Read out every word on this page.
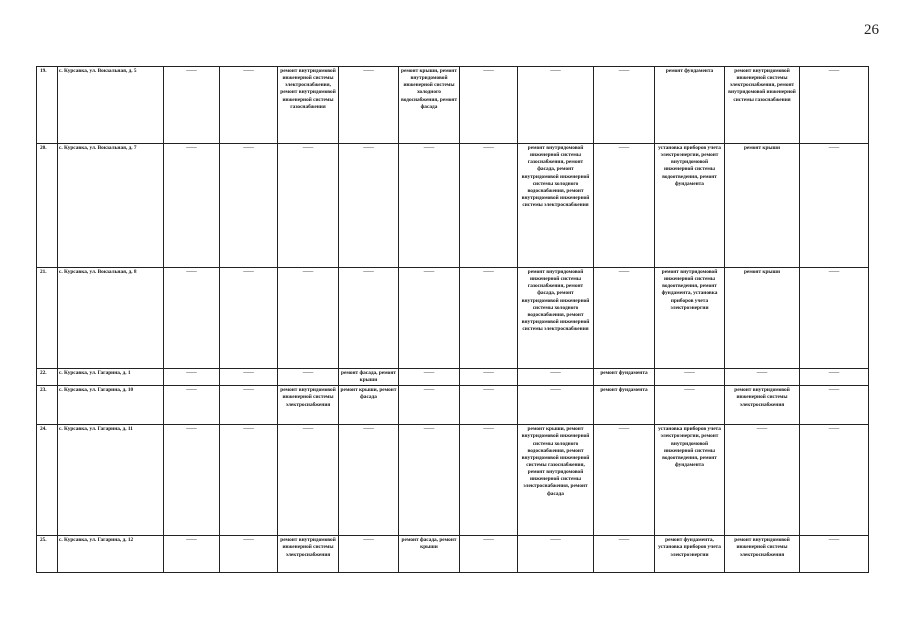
26
19.	с. Курсавка, ул. Вокзальная, д. 5	——	——	ремонт внутридомовой инженерной системы электроснабжения, ремонт внутридомовой инженерной системы газоснабжения	——	ремонт крыши, ремонт внутридомовой инженерной системы холодного водоснабжения, ремонт фасада	——	——	——	ремонт фундамента	ремонт внутридомовой инженерной системы электроснабжения, ремонт внутридомовой инженерной системы газоснабжения	——

20.	с. Курсавка, ул. Вокзальная, д. 7	——	——	——	——	——	——	ремонт внутридомовой инженерной системы газоснабжения, ремонт фасада, ремонт внутридомовой инженерной системы холодного водоснабжения, ремонт внутридомовой инженерной системы электроснабжения	——	установка приборов учета электроэнергии, ремонт внутридомовой инженерной системы водоотведения, ремонт фундамента	ремонт крыши	——

21.	с. Курсавка, ул. Вокзальная, д. 8	——	——	——	——	——	——	ремонт внутридомовой инженерной системы газоснабжения, ремонт фасада, ремонт внутридомовой инженерной системы холодного водоснабжения, ремонт внутридомовой инженерной системы электроснабжения	——	ремонт внутридомовой инженерной системы водоотведения, ремонт фундамента, установка приборов учета электроэнергии	ремонт крыши	——

22.	с. Курсавка, ул. Гагарина, д. 1	——	——	——	ремонт фасада, ремонт крыши	——	——	——	ремонт фундамента	——	——	——

23.	с. Курсавка, ул. Гагарина, д. 10	——	——	ремонт внутридомовой инженерной системы электроснабжения	ремонт крыши, ремонт фасада	——	——	——	ремонт фундамента	——	ремонт внутридомовой инженерной системы электроснабжения	——

24.	с. Курсавка, ул. Гагарина, д. 11	——	——	——	——	——	——	ремонт крыши, ремонт внутридомовой инженерной системы холодного водоснабжения, ремонт внутридомовой инженерной системы газоснабжения, ремонт внутридомовой инженерной системы электроснабжения, ремонт фасада	——	установка приборов учета электроэнергии, ремонт внутридомовой инженерной системы водоотведения, ремонт фундамента	——	——

25.	с. Курсавка, ул. Гагарина, д. 12	——	——	ремонт внутридомовой инженерной системы электроснабжения	——	ремонт фасада, ремонт крыши	——	——	——	ремонт фундамента, установка приборов учета электроэнергии	ремонт внутридомовой инженерной системы электроснабжения	——
